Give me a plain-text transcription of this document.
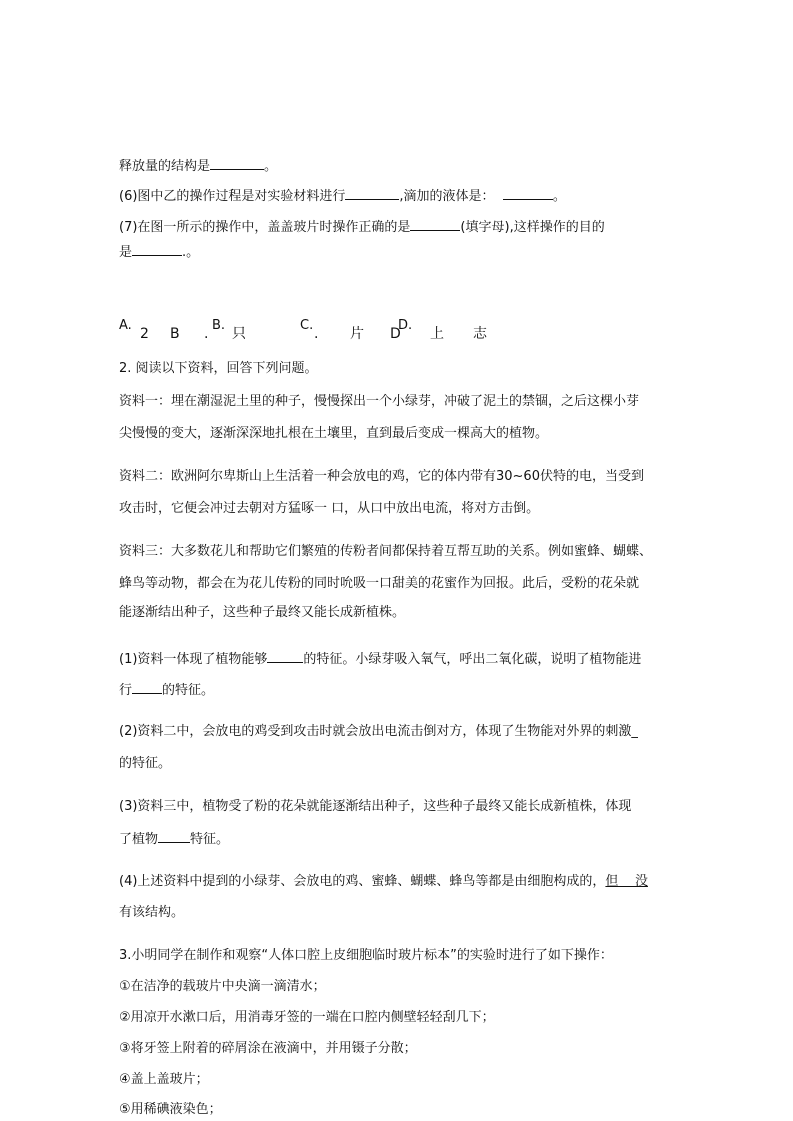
释放量的结构是	。
(6)图中乙的操作过程是对实验材料进行	,滴加的液体是：	。
(7)在图一所示的操作中，盖盖玻片时操作正确的是	(填字母),这样操作的目的
是	.。
A.
2 B .
B.
只
C.
. 片 D
D.
上 志
2. 阅读以下资料，回答下列问题。
资料一：埋在潮湿泥土里的种子，慢慢探出一个小绿芽，冲破了泥土的禁锢，之后这棵小芽
尖慢慢的变大，逐渐深深地扎根在土壤里，直到最后变成一棵高大的植物。
资料二：欧洲阿尔卑斯山上生活着一种会放电的鸡，它的体内带有30~60伏特的电，当受到
攻击时，它便会冲过去朝对方猛啄一 口，从口中放出电流，将对方击倒。
资料三：大多数花儿和帮助它们繁殖的传粉者间都保持着互帮互助的关系。例如蜜蜂、蝴蝶、
蜂鸟等动物，都会在为花儿传粉的同时吮吸一口甜美的花蜜作为回报。此后，受粉的花朵就
能逐渐结出种子，这些种子最终又能长成新植株。
(1)资料一体现了植物能够	的特征。小绿芽吸入氧气，呼出二氧化碳，说明了植物能进
行 的特征。
(2)资料二中，会放电的鸡受到攻击时就会放出电流击倒对方，体现了生物能对外界的刺激_
的特征。
(3)资料三中，植物受了粉的花朵就能逐渐结出种子，这些种子最终又能长成新植株，体现
了植物 特征。
(4)上述资料中提到的小绿芽、会放电的鸡、蜜蜂、蝴蝶、蜂鸟等都是由细胞构成的，但    没
有该结构。
3.小明同学在制作和观察“人体口腔上皮细胞临时玻片标本”的实验时进行了如下操作：
①在洁净的载玻片中央滴一滴清水；
②用凉开水漱口后，用消毒牙签的一端在口腔内侧壁轻轻刮几下；
③将牙签上附着的碎屑涂在液滴中，并用镊子分散；
④盖上盖玻片；
⑤用稀碘液染色；
